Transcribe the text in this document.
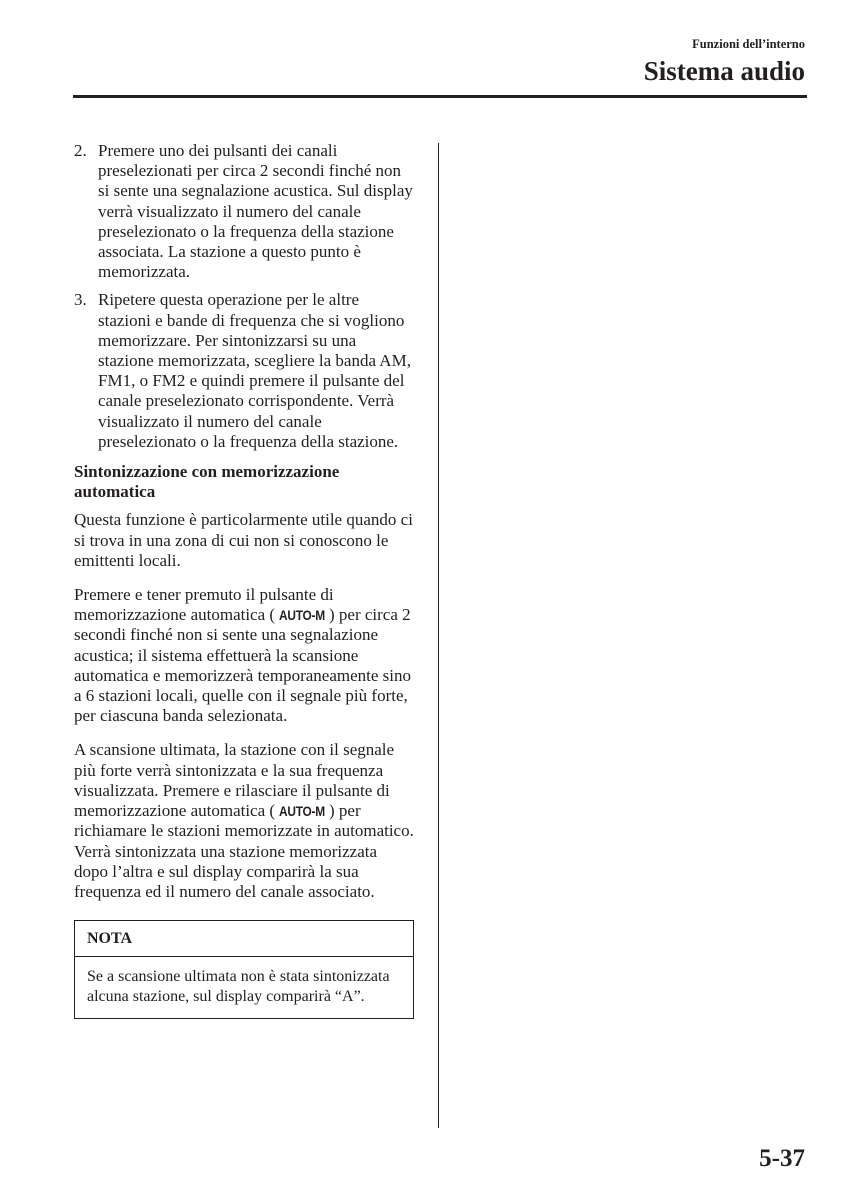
Funzioni dell’interno
Sistema audio
2. Premere uno dei pulsanti dei canali preselezionati per circa 2 secondi finché non si sente una segnalazione acustica. Sul display verrà visualizzato il numero del canale preselezionato o la frequenza della stazione associata. La stazione a questo punto è memorizzata.
3. Ripetere questa operazione per le altre stazioni e bande di frequenza che si vogliono memorizzare. Per sintonizzarsi su una stazione memorizzata, scegliere la banda AM, FM1, o FM2 e quindi premere il pulsante del canale preselezionato corrispondente. Verrà visualizzato il numero del canale preselezionato o la frequenza della stazione.
Sintonizzazione con memorizzazione automatica

Questa funzione è particolarmente utile quando ci si trova in una zona di cui non si conoscono le emittenti locali.

Premere e tener premuto il pulsante di memorizzazione automatica ( AUTO-M ) per circa 2 secondi finché non si sente una segnalazione acustica; il sistema effettuerà la scansione automatica e memorizzerà temporaneamente sino a 6 stazioni locali, quelle con il segnale più forte, per ciascuna banda selezionata.

A scansione ultimata, la stazione con il segnale più forte verrà sintonizzata e la sua frequenza visualizzata. Premere e rilasciare il pulsante di memorizzazione automatica ( AUTO-M ) per richiamare le stazioni memorizzate in automatico. Verrà sintonizzata una stazione memorizzata dopo l’altra e sul display comparirà la sua frequenza ed il numero del canale associato.

NOTA
Se a scansione ultimata non è stata sintonizzata alcuna stazione, sul display comparirà “A”.
5-37
